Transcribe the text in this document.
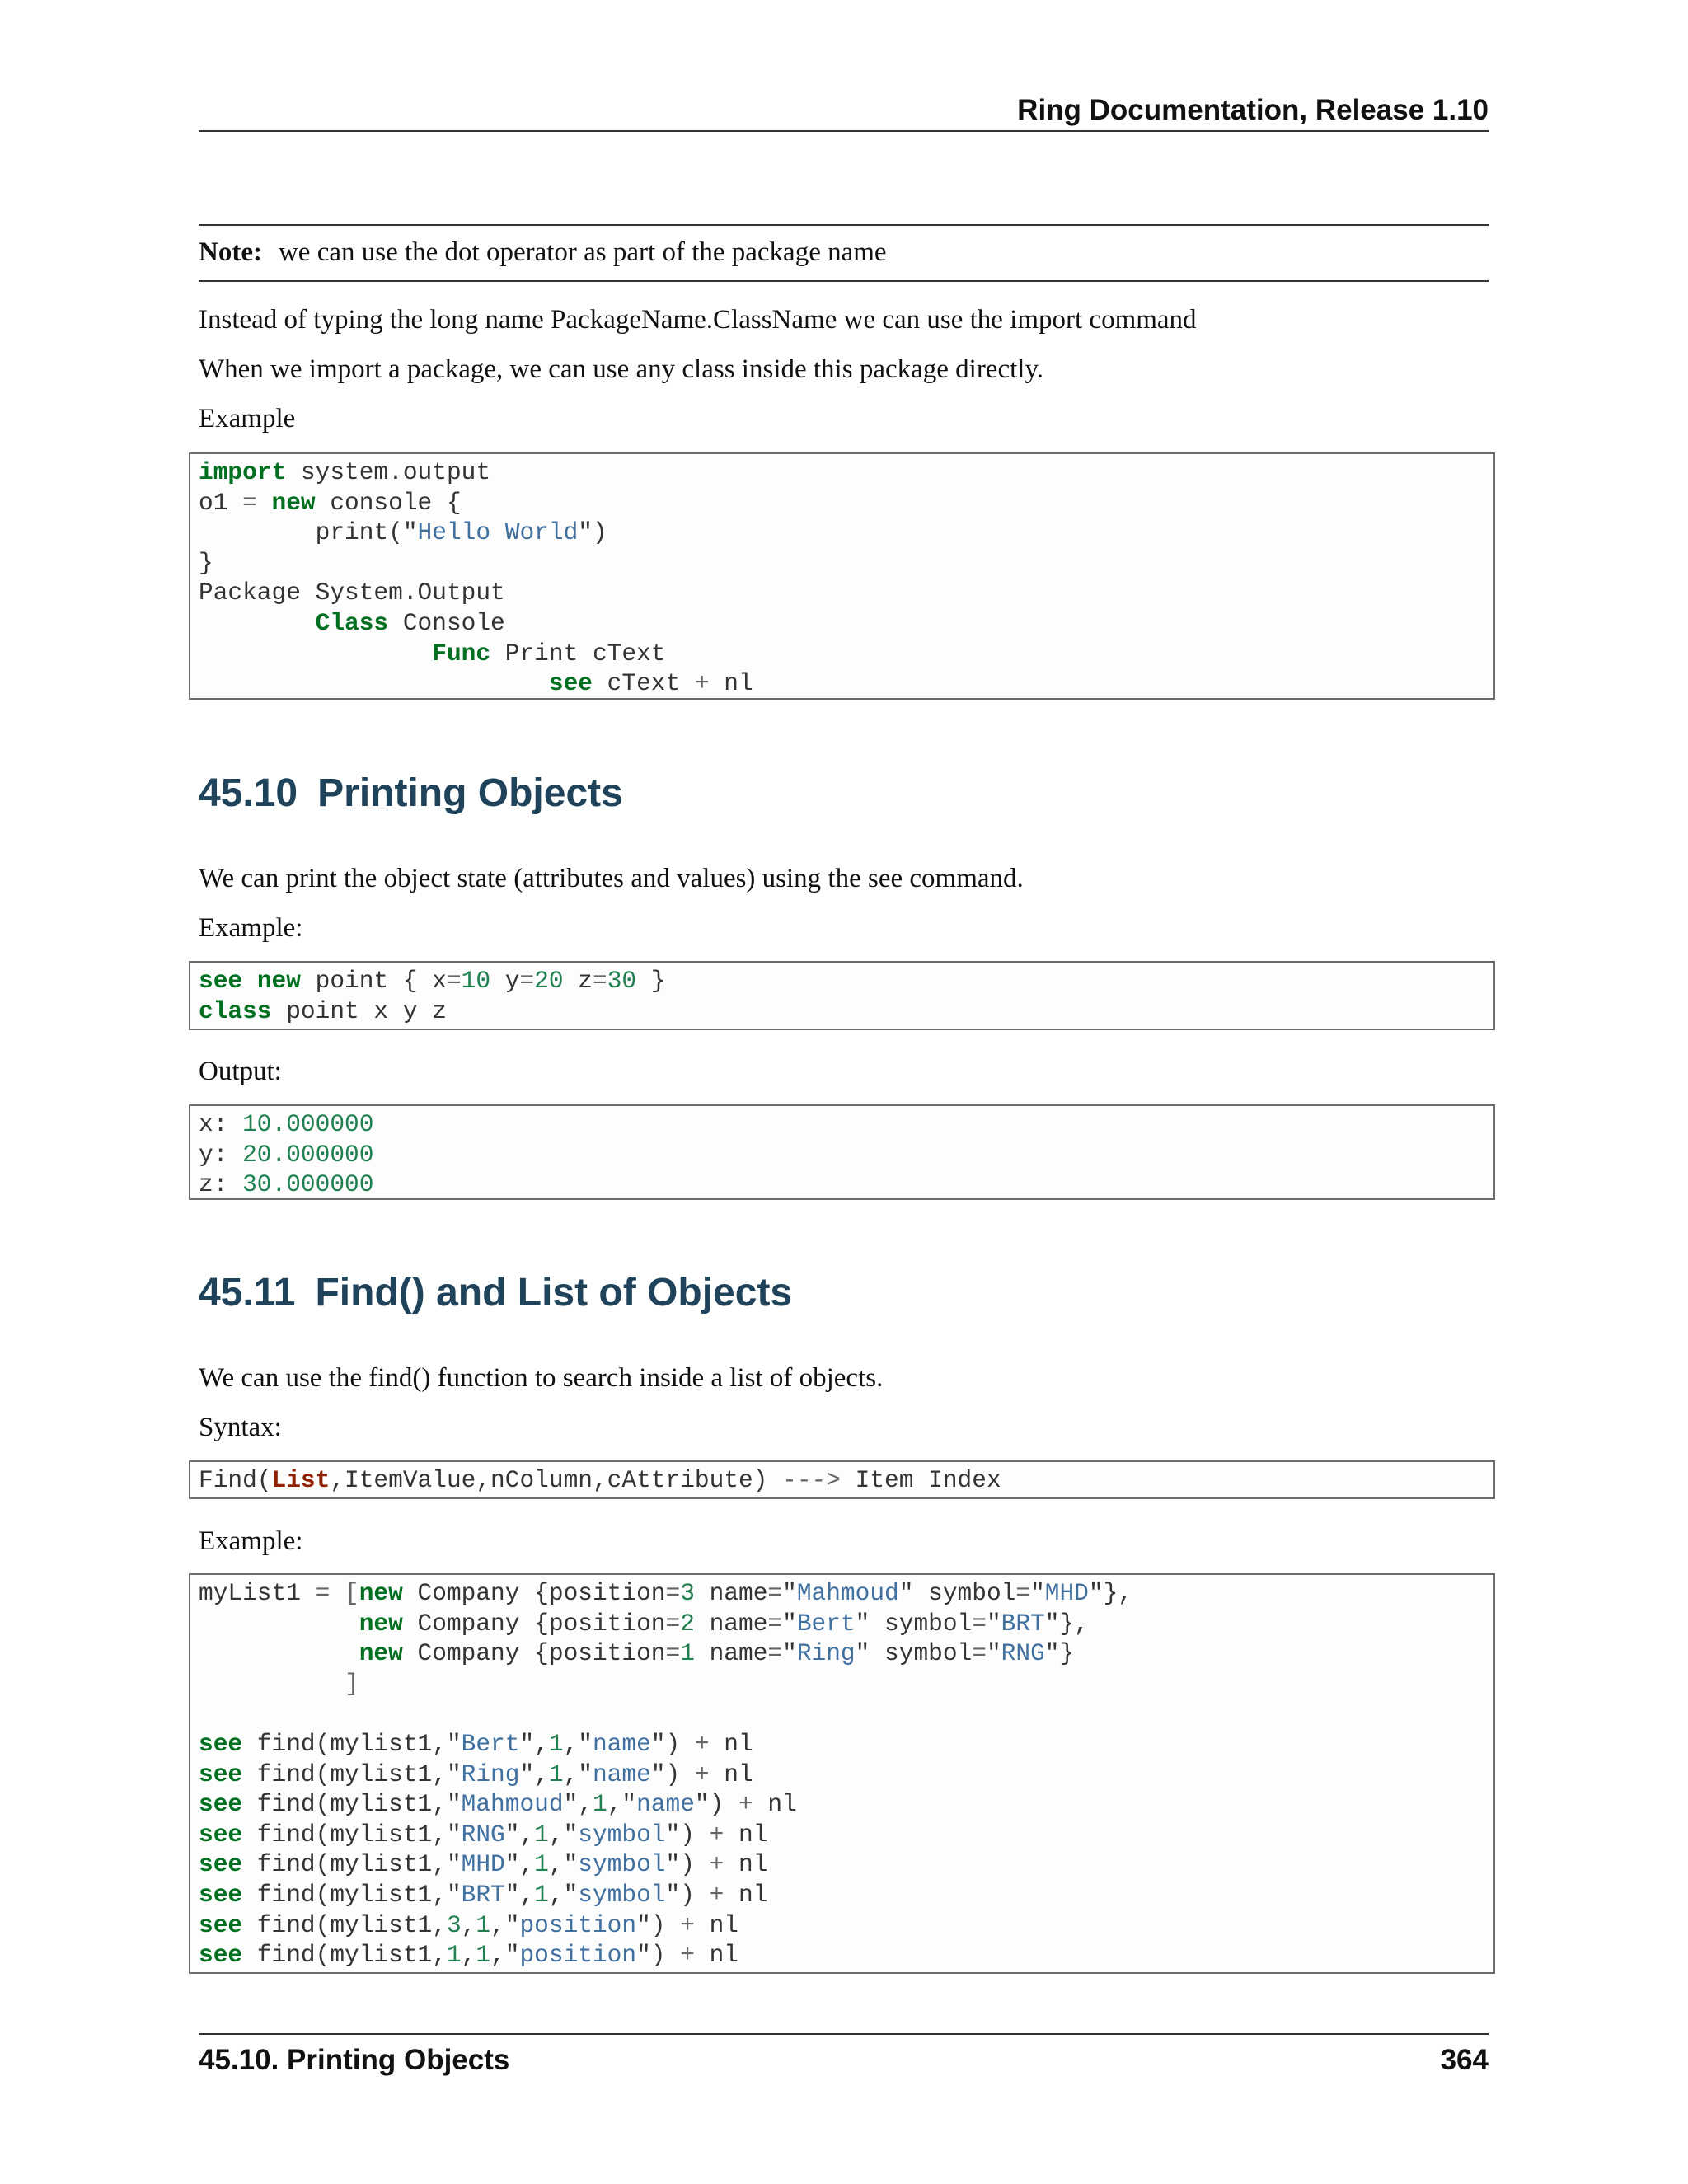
Ring Documentation, Release 1.10
Note: we can use the dot operator as part of the package name
Instead of typing the long name PackageName.ClassName we can use the import command
When we import a package, we can use any class inside this package directly.
Example
import system.output
o1 = new console {
print("Hello World")
}
Package System.Output
Class Console
Func Print cText
see cText + nl
45.10 Printing Objects
We can print the object state (attributes and values) using the see command.
Example:
see new point { x=10 y=20 z=30 }
class point x y z
Output:
x: 10.000000
y: 20.000000
z: 30.000000
45.11 Find() and List of Objects
We can use the find() function to search inside a list of objects.
Syntax:
Find(List,ItemValue,nColumn,cAttribute) ---> Item Index
Example:
myList1 = [new Company {position=3 name="Mahmoud" symbol="MHD"},
new Company {position=2 name="Bert" symbol="BRT"},
new Company {position=1 name="Ring" symbol="RNG"}
]
see find(mylist1,"Bert",1,"name") + nl
see find(mylist1,"Ring",1,"name") + nl
see find(mylist1,"Mahmoud",1,"name") + nl
see find(mylist1,"RNG",1,"symbol") + nl
see find(mylist1,"MHD",1,"symbol") + nl
see find(mylist1,"BRT",1,"symbol") + nl
see find(mylist1,3,1,"position") + nl
see find(mylist1,1,1,"position") + nl
45.10. Printing Objects	364
